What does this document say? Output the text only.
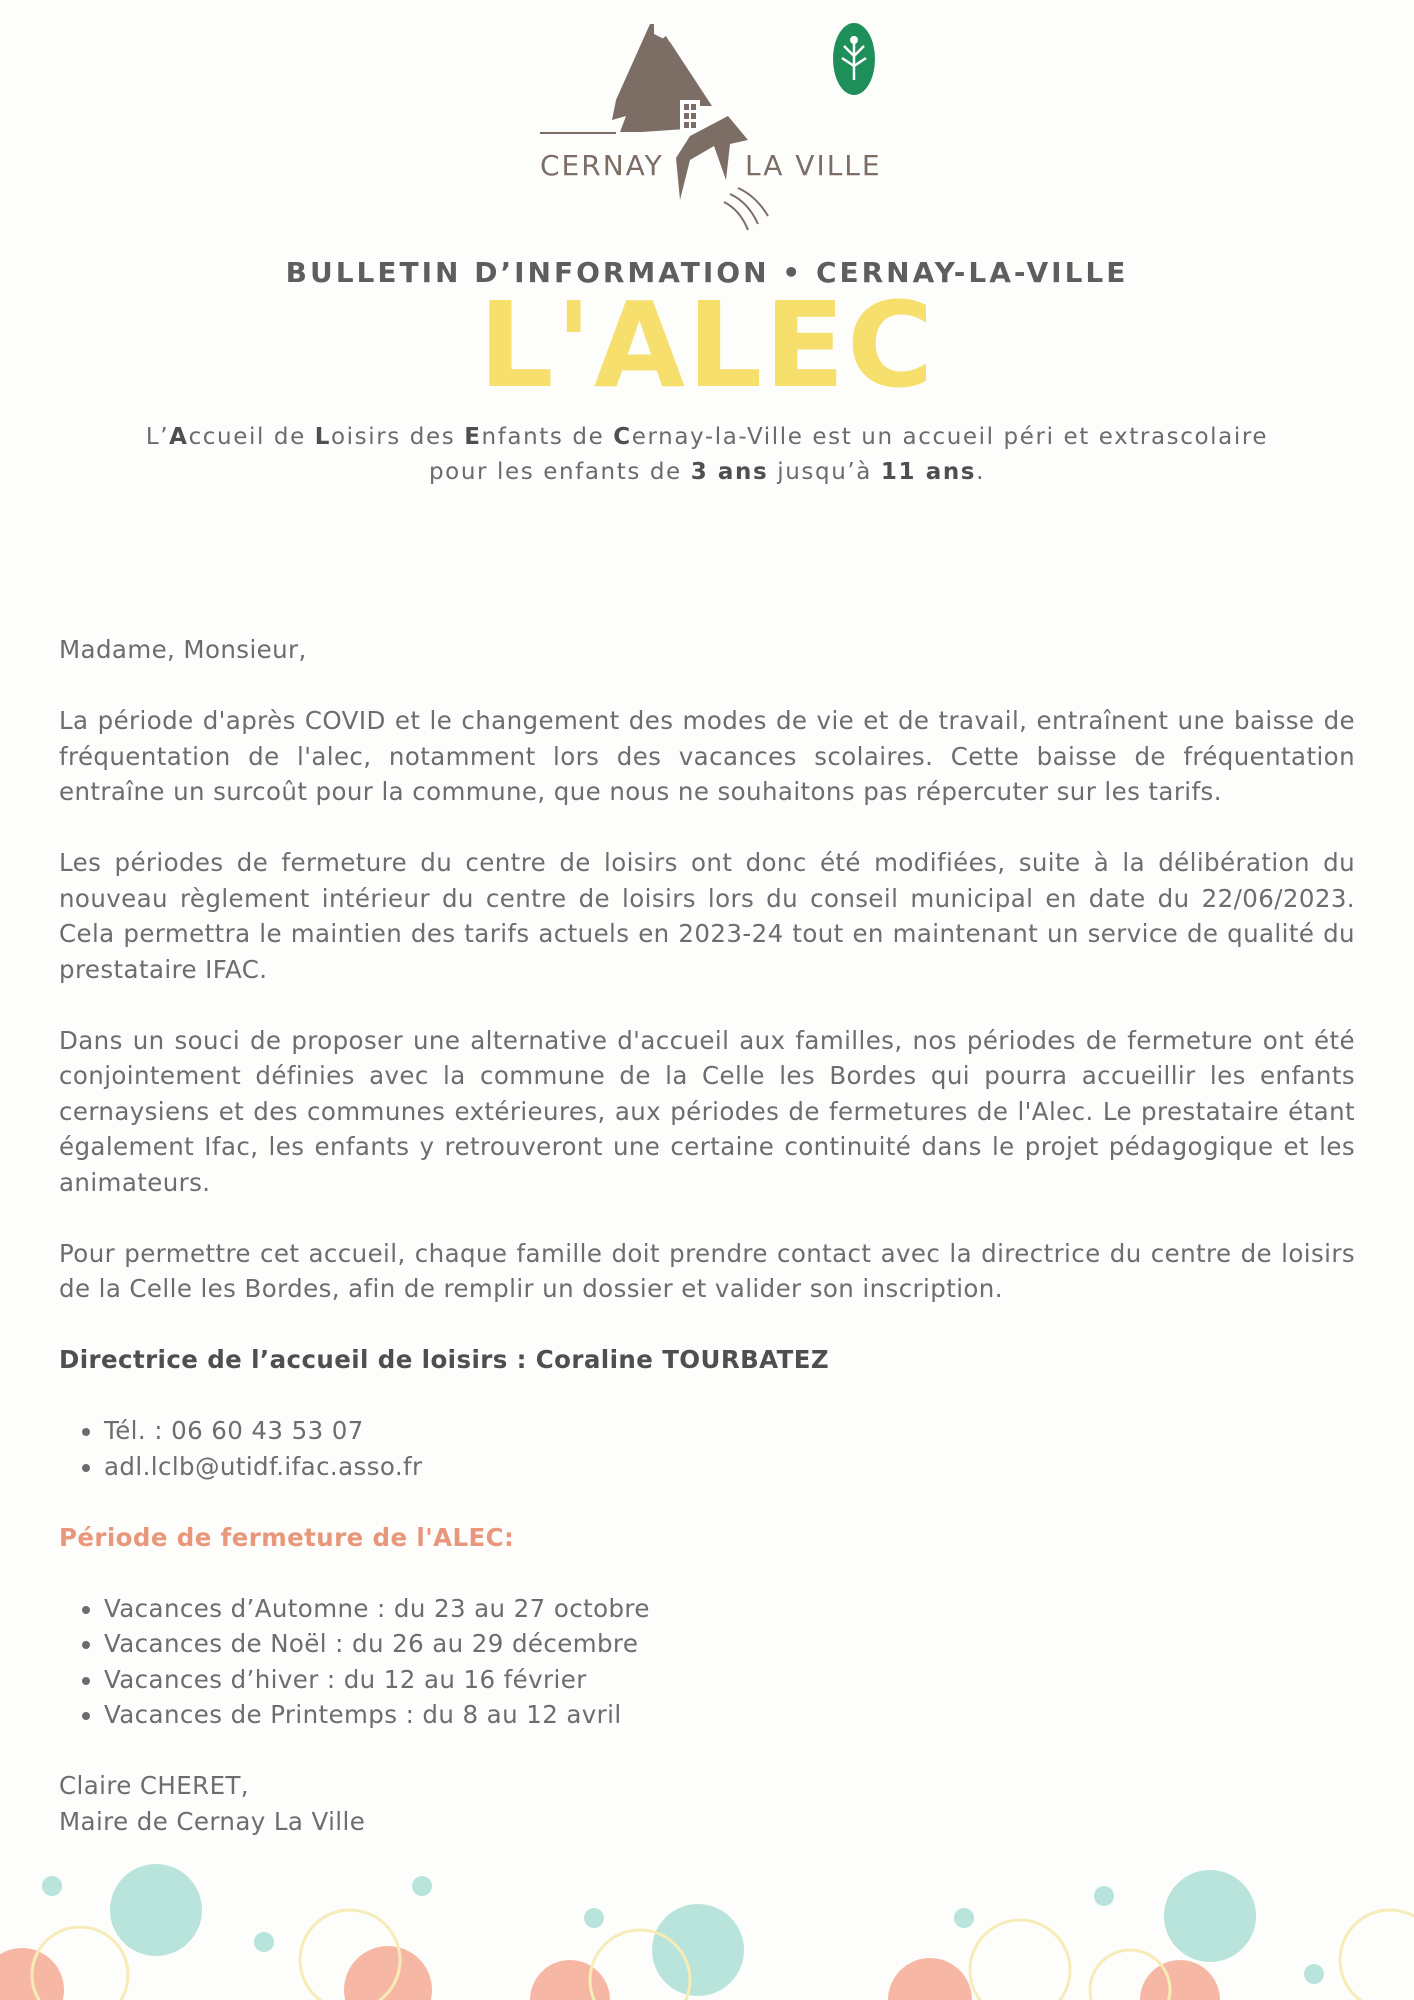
CERNAY	LA VILLE
BULLETIN D’INFORMATION • CERNAY-LA-VILLE
L'ALEC
L’Accueil de Loisirs des Enfants de Cernay-la-Ville est un accueil péri et extrascolaire
pour les enfants de 3 ans jusqu’à 11 ans.

Madame, Monsieur,

La période d'après COVID et le changement des modes de vie et de travail, entraînent une baisse de fréquentation de l'alec, notamment lors des vacances scolaires. Cette baisse de fréquentation entraîne un surcoût pour la commune, que nous ne souhaitons pas répercuter sur les tarifs.

Les périodes de fermeture du centre de loisirs ont donc été modifiées, suite à la délibération du nouveau règlement intérieur du centre de loisirs lors du conseil municipal en date du 22/06/2023. Cela permettra le maintien des tarifs actuels en 2023-24 tout en maintenant un service de qualité du prestataire IFAC.

Dans un souci de proposer une alternative d'accueil aux familles, nos périodes de fermeture ont été conjointement définies avec la commune de la Celle les Bordes qui pourra accueillir les enfants cernaysiens et des communes extérieures, aux périodes de fermetures de l'Alec. Le prestataire étant également Ifac, les enfants y retrouveront une certaine continuité dans le projet pédagogique et les animateurs.

Pour permettre cet accueil, chaque famille doit prendre contact avec la directrice du centre de loisirs de la Celle les Bordes, afin de remplir un dossier et valider son inscription.

Directrice de l’accueil de loisirs : Coraline TOURBATEZ

• Tél. : 06 60 43 53 07
• adl.lclb@utidf.ifac.asso.fr

Période de fermeture de l'ALEC:

• Vacances d’Automne : du 23 au 27 octobre
• Vacances de Noël : du 26 au 29 décembre
• Vacances d’hiver : du 12 au 16 février
• Vacances de Printemps : du 8 au 12 avril

Claire CHERET,

Maire de Cernay La Ville
